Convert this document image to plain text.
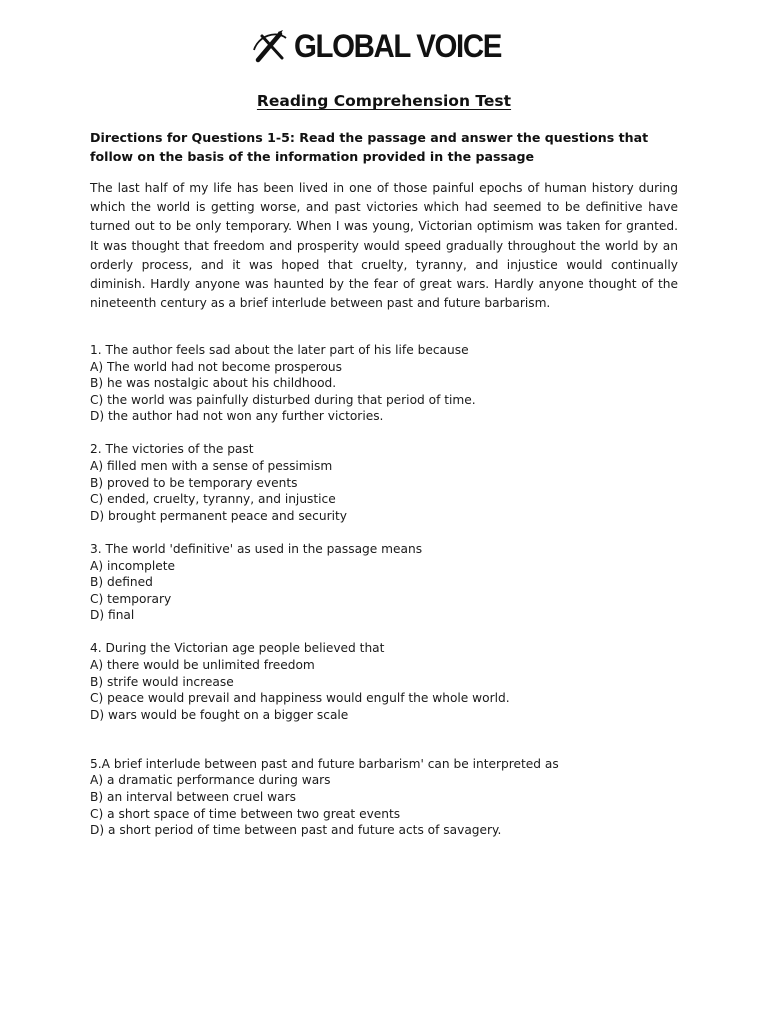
GLOBAL VOICE
Reading Comprehension Test
Directions for Questions 1-5: Read the passage and answer the questions that follow on the basis of the information provided in the passage
The last half of my life has been lived in one of those painful epochs of human history during which the world is getting worse, and past victories which had seemed to be definitive have turned out to be only temporary. When I was young, Victorian optimism was taken for granted. It was thought that freedom and prosperity would speed gradually throughout the world by an orderly process, and it was hoped that cruelty, tyranny, and injustice would continually diminish. Hardly anyone was haunted by the fear of great wars. Hardly anyone thought of the nineteenth century as a brief interlude between past and future barbarism.
1. The author feels sad about the later part of his life because
A) The world had not become prosperous
B) he was nostalgic about his childhood.
C) the world was painfully disturbed during that period of time.
D) the author had not won any further victories.
2. The victories of the past
A) filled men with a sense of pessimism
B) proved to be temporary events
C) ended, cruelty, tyranny, and injustice
D) brought permanent peace and security
3. The world 'definitive' as used in the passage means
A) incomplete
B) defined
C) temporary
D) final
4. During the Victorian age people believed that
A) there would be unlimited freedom
B) strife would increase
C) peace would prevail and happiness would engulf the whole world.
D) wars would be fought on a bigger scale
5.A brief interlude between past and future barbarism' can be interpreted as
A) a dramatic performance during wars
B) an interval between cruel wars
C) a short space of time between two great events
D) a short period of time between past and future acts of savagery.
